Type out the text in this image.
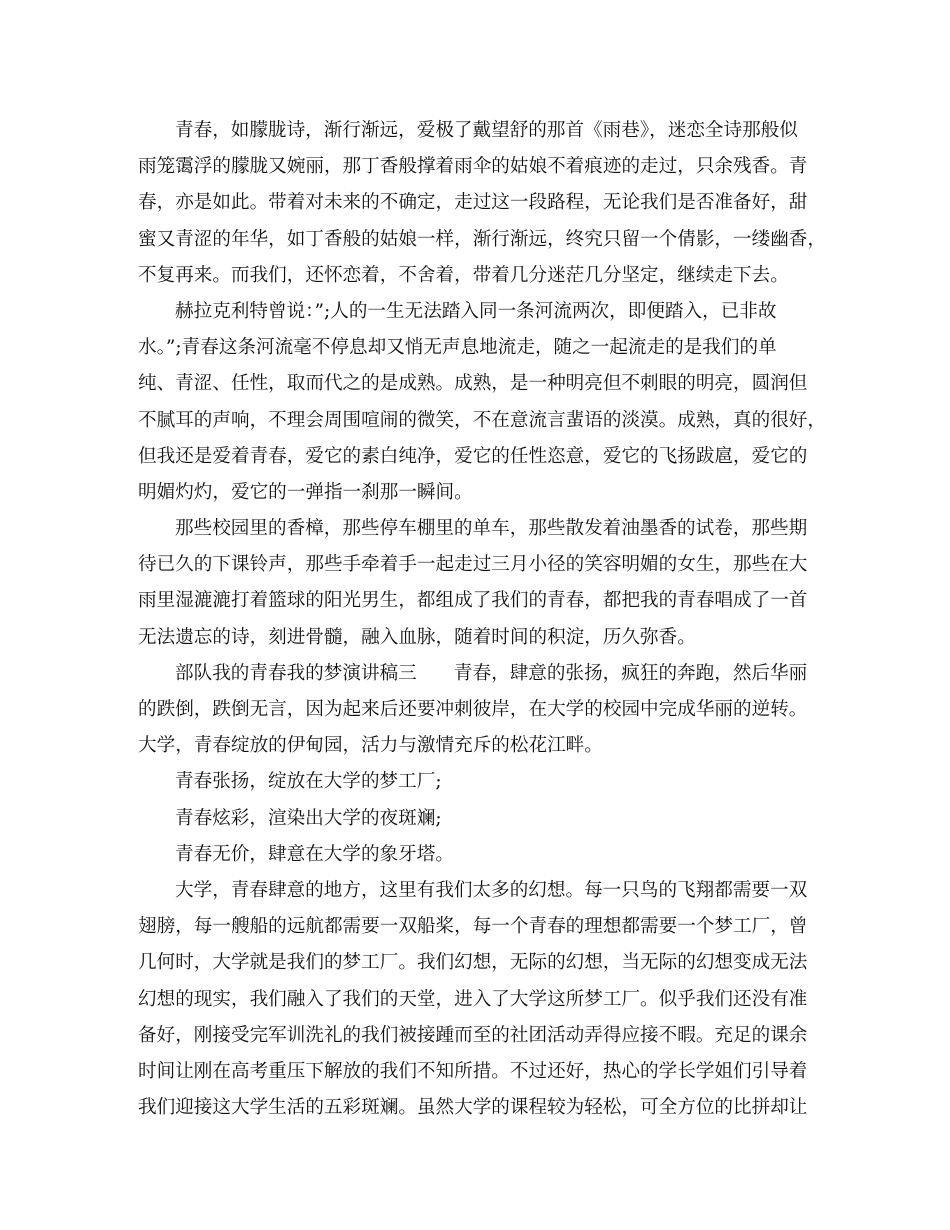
青春，如朦胧诗，渐行渐远，爱极了戴望舒的那首《雨巷》，迷恋全诗那般似
雨笼霭浮的朦胧又婉丽，那丁香般撑着雨伞的姑娘不着痕迹的走过，只余残香。青
春，亦是如此。带着对未来的不确定，走过这一段路程，无论我们是否准备好，甜
蜜又青涩的年华，如丁香般的姑娘一样，渐行渐远，终究只留一个倩影，一缕幽香，
不复再来。而我们，还怀恋着，不舍着，带着几分迷茫几分坚定，继续走下去。
赫拉克利特曾说：”;人的一生无法踏入同一条河流两次，即便踏入，已非故
水。”;青春这条河流毫不停息却又悄无声息地流走，随之一起流走的是我们的单
纯、青涩、任性，取而代之的是成熟。成熟，是一种明亮但不刺眼的明亮，圆润但
不腻耳的声响，不理会周围喧闹的微笑，不在意流言蜚语的淡漠。成熟，真的很好，
但我还是爱着青春，爱它的素白纯净，爱它的任性恣意，爱它的飞扬跋扈，爱它的
明媚灼灼，爱它的一弹指一刹那一瞬间。
那些校园里的香樟，那些停车棚里的单车，那些散发着油墨香的试卷，那些期
待已久的下课铃声，那些手牵着手一起走过三月小径的笑容明媚的女生，那些在大
雨里湿漉漉打着篮球的阳光男生，都组成了我们的青春，都把我的青春唱成了一首
无法遗忘的诗，刻进骨髓，融入血脉，随着时间的积淀，历久弥香。
部队我的青春我的梦演讲稿三　　青春，肆意的张扬，疯狂的奔跑，然后华丽
的跌倒，跌倒无言，因为起来后还要冲刺彼岸，在大学的校园中完成华丽的逆转。
大学，青春绽放的伊甸园，活力与激情充斥的松花江畔。
青春张扬，绽放在大学的梦工厂;
青春炫彩，渲染出大学的夜斑斓;
青春无价，肆意在大学的象牙塔。
大学，青春肆意的地方，这里有我们太多的幻想。每一只鸟的飞翔都需要一双
翅膀，每一艘船的远航都需要一双船桨，每一个青春的理想都需要一个梦工厂，曾
几何时，大学就是我们的梦工厂。我们幻想，无际的幻想，当无际的幻想变成无法
幻想的现实，我们融入了我们的天堂，进入了大学这所梦工厂。似乎我们还没有准
备好，刚接受完军训洗礼的我们被接踵而至的社团活动弄得应接不暇。充足的课余
时间让刚在高考重压下解放的我们不知所措。不过还好，热心的学长学姐们引导着
我们迎接这大学生活的五彩斑斓。虽然大学的课程较为轻松，可全方位的比拼却让
